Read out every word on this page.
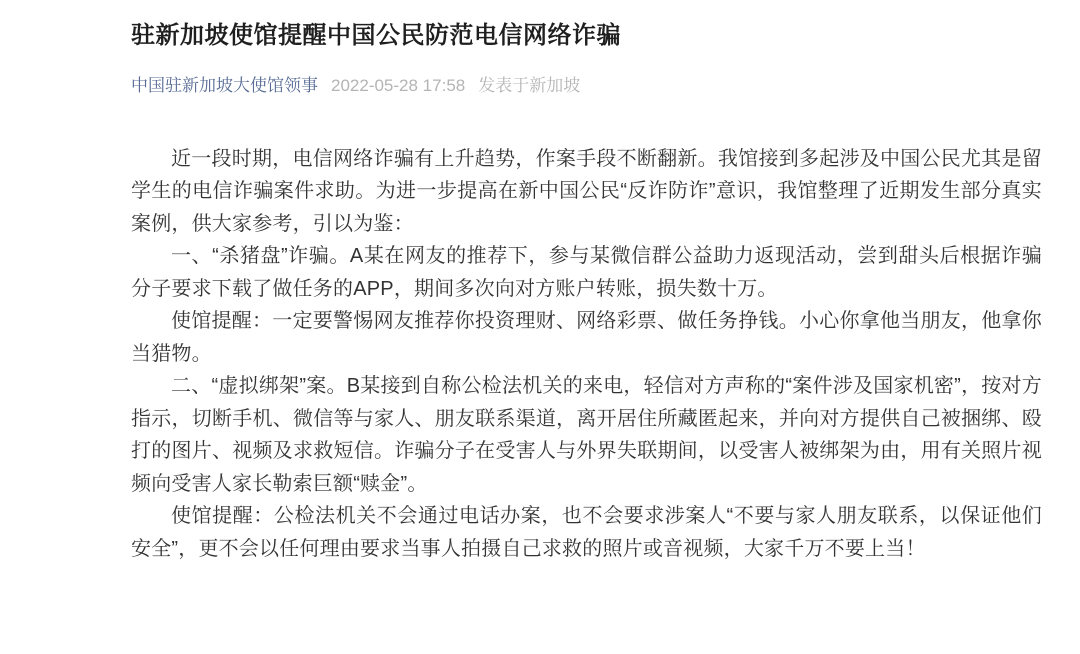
驻新加坡使馆提醒中国公民防范电信网络诈骗
中国驻新加坡大使馆领事 2022-05-28 17:58 发表于新加坡

近一段时期，电信网络诈骗有上升趋势，作案手段不断翻新。我馆接到多起涉及中国公民尤其是留学生的电信诈骗案件求助。为进一步提高在新中国公民“反诈防诈”意识，我馆整理了近期发生部分真实案例，供大家参考，引以为鉴：

一、“杀猪盘”诈骗。A某在网友的推荐下，参与某微信群公益助力返现活动，尝到甜头后根据诈骗分子要求下载了做任务的APP，期间多次向对方账户转账，损失数十万。

使馆提醒：一定要警惕网友推荐你投资理财、网络彩票、做任务挣钱。小心你拿他当朋友，他拿你当猎物。

二、“虚拟绑架”案。B某接到自称公检法机关的来电，轻信对方声称的“案件涉及国家机密”，按对方指示，切断手机、微信等与家人、朋友联系渠道，离开居住所藏匿起来，并向对方提供自己被捆绑、殴打的图片、视频及求救短信。诈骗分子在受害人与外界失联期间，以受害人被绑架为由，用有关照片视频向受害人家长勒索巨额“赎金”。

使馆提醒：公检法机关不会通过电话办案，也不会要求涉案人“不要与家人朋友联系，以保证他们安全”，更不会以任何理由要求当事人拍摄自己求救的照片或音视频，大家千万不要上当！
